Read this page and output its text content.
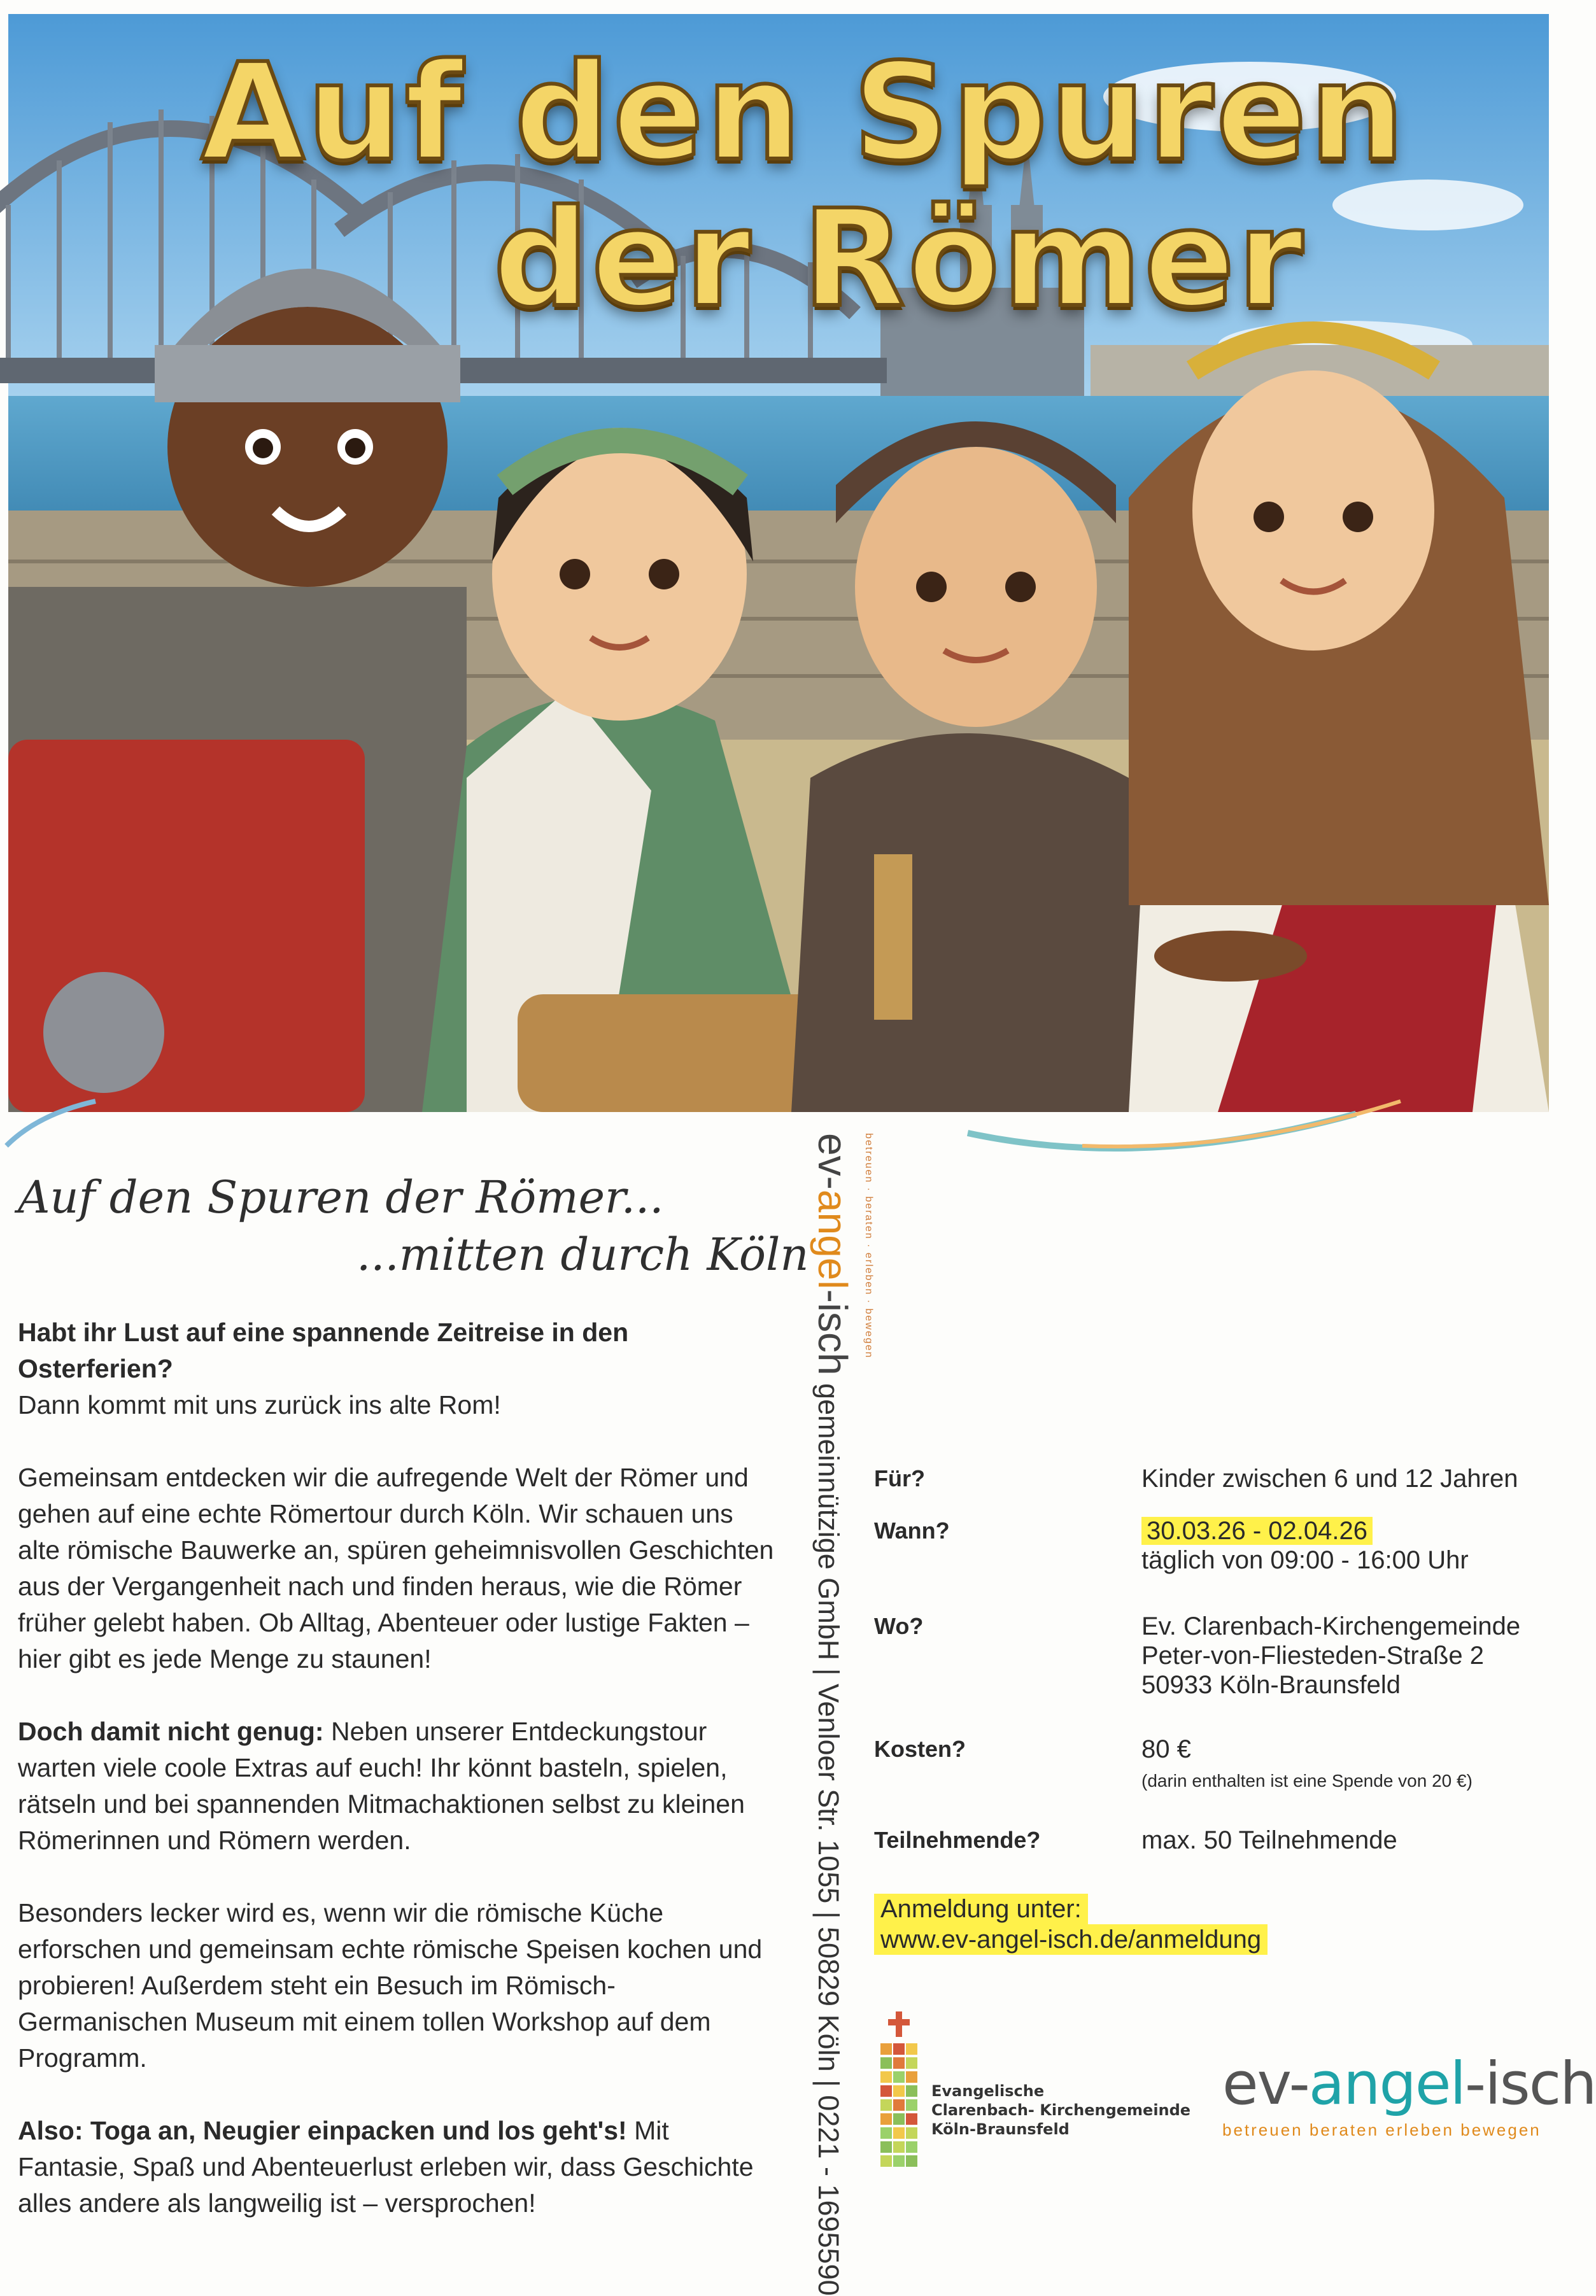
Auf den Spuren
der Römer
Auf den Spuren der Römer...
...mitten durch Köln

Habt ihr Lust auf eine spannende Zeitreise in den Osterferien?
Dann kommt mit uns zurück ins alte Rom!

Gemeinsam entdecken wir die aufregende Welt der Römer und gehen auf eine echte Römertour durch Köln. Wir schauen uns alte römische Bauwerke an, spüren geheimnisvollen Geschichten aus der Vergangenheit nach und finden heraus, wie die Römer früher gelebt haben. Ob Alltag, Abenteuer oder lustige Fakten – hier gibt es jede Menge zu staunen!

Doch damit nicht genug: Neben unserer Entdeckungstour warten viele coole Extras auf euch! Ihr könnt basteln, spielen, rätseln und bei spannenden Mitmachaktionen selbst zu kleinen Römerinnen und Römern werden.

Besonders lecker wird es, wenn wir die römische Küche erforschen und gemeinsam echte römische Speisen kochen und probieren! Außerdem steht ein Besuch im Römisch-Germanischen Museum mit einem tollen Workshop auf dem Programm.

Also: Toga an, Neugier einpacken und los geht's! Mit Fantasie, Spaß und Abenteuerlust erleben wir, dass Geschichte alles andere als langweilig ist – versprochen!

betreuen · beraten · erleben · bewegen
ev-angel-isch gemeinnützige GmbH | Venloer Str. 1055 | 50829 Köln | 0221 - 1695590	Für?	Kinder zwischen 6 und 12 Jahren
Wann?	30.03.26 - 02.04.26
täglich von 09:00 - 16:00 Uhr
Wo?	Ev. Clarenbach-Kirchengemeinde
Peter-von-Fliesteden-Straße 2
50933 Köln-Braunsfeld
Kosten?	80 €
(darin enthalten ist eine Spende von 20 €)
Teilnehmende?	max. 50 Teilnehmende
Anmeldung unter:
www.ev-angel-isch.de/anmeldung
Evangelische
Clarenbach- Kirchengemeinde
Köln-Braunsfeld
ev-angel-isch
betreuen beraten erleben bewegen
